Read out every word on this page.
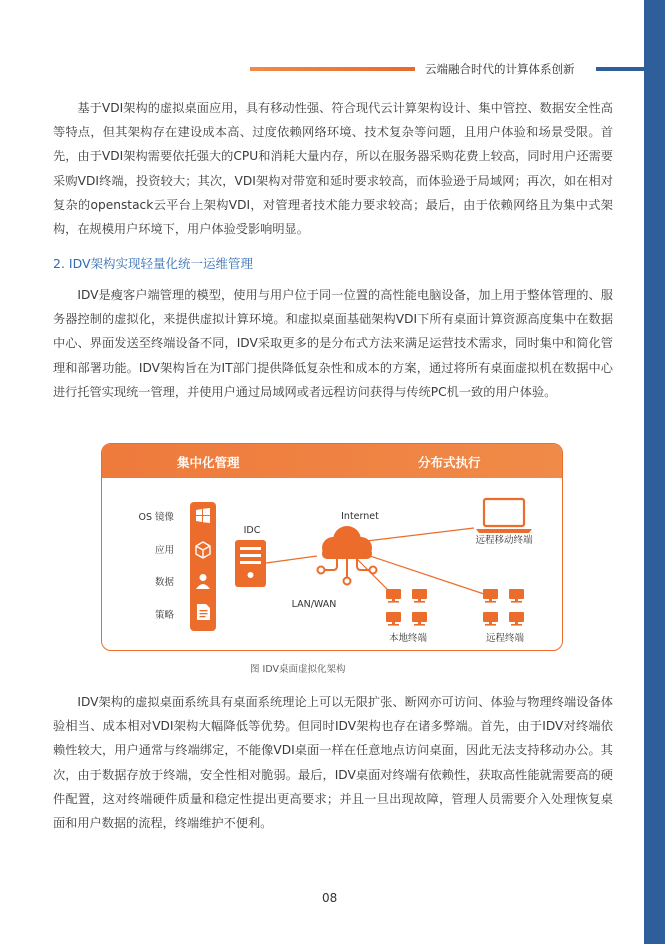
云端融合时代的计算体系创新

基于VDI架构的虚拟桌面应用，具有移动性强、符合现代云计算架构设计、集中管控、数据安全性高等特点，但其架构存在建设成本高、过度依赖网络环境、技术复杂等问题，且用户体验和场景受限。首先，由于VDI架构需要依托强大的CPU和消耗大量内存，所以在服务器采购花费上较高，同时用户还需要采购VDI终端，投资较大；其次，VDI架构对带宽和延时要求较高，而体验逊于局域网；再次，如在相对复杂的openstack云平台上架构VDI，对管理者技术能力要求较高；最后，由于依赖网络且为集中式架构，在规模用户环境下，用户体验受影响明显。

2. IDV架构实现轻量化统一运维管理

IDV是瘦客户端管理的模型，使用与用户位于同一位置的高性能电脑设备，加上用于整体管理的、服务器控制的虚拟化，来提供虚拟计算环境。和虚拟桌面基础架构VDI下所有桌面计算资源高度集中在数据中心、界面发送至终端设备不同，IDV采取更多的是分布式方法来满足运营技术需求，同时集中和简化管理和部署功能。IDV架构旨在为IT部门提供降低复杂性和成本的方案，通过将所有桌面虚拟机在数据中心进行托管实现统一管理，并使用户通过局域网或者远程访问获得与传统PC机一致的用户体验。

集中化管理	分布式执行
OS 镜像
应用
数据
策略
IDC
Internet
LAN/WAN
远程移动终端
本地终端	远程终端
图 IDV桌面虚拟化架构

IDV架构的虚拟桌面系统具有桌面系统理论上可以无限扩张、断网亦可访问、体验与物理终端设备体验相当、成本相对VDI架构大幅降低等优势。但同时IDV架构也存在诸多弊端。首先，由于IDV对终端依赖性较大，用户通常与终端绑定，不能像VDI桌面一样在任意地点访问桌面，因此无法支持移动办公。其次，由于数据存放于终端，安全性相对脆弱。最后，IDV桌面对终端有依赖性，获取高性能就需要高的硬件配置，这对终端硬件质量和稳定性提出更高要求；并且一旦出现故障，管理人员需要介入处理恢复桌面和用户数据的流程，终端维护不便利。

08
